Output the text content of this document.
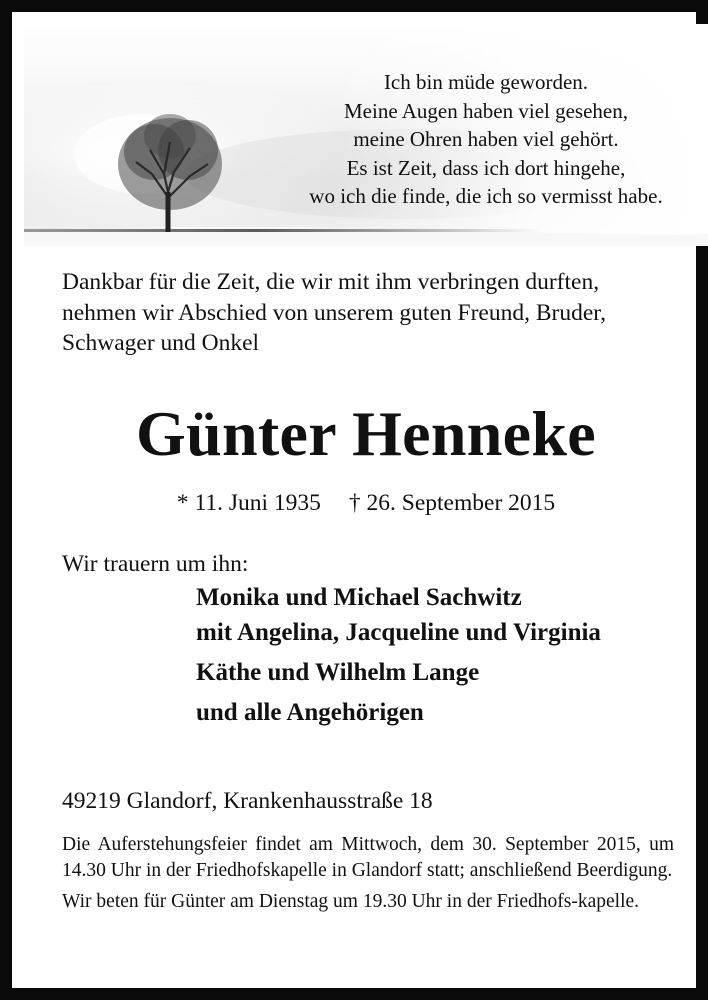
Ich bin müde geworden.
Meine Augen haben viel gesehen,
meine Ohren haben viel gehört.
Es ist Zeit, dass ich dort hingehe,
wo ich die finde, die ich so vermisst habe.
Dankbar für die Zeit, die wir mit ihm verbringen durften,
nehmen wir Abschied von unserem guten Freund, Bruder,
Schwager und Onkel
Günter Henneke
* 11. Juni 1935 † 26. September 2015
Wir trauern um ihn:
Monika und Michael Sachwitz
mit Angelina, Jacqueline und Virginia
Käthe und Wilhelm Lange
und alle Angehörigen
49219 Glandorf, Krankenhausstraße 18

Die Auferstehungsfeier findet am Mittwoch, dem 30. September 2015, um 14.30 Uhr in der Friedhofskapelle in Glandorf statt; anschließend Beerdigung.

Wir beten für Günter am Dienstag um 19.30 Uhr in der Friedhofs-kapelle.
